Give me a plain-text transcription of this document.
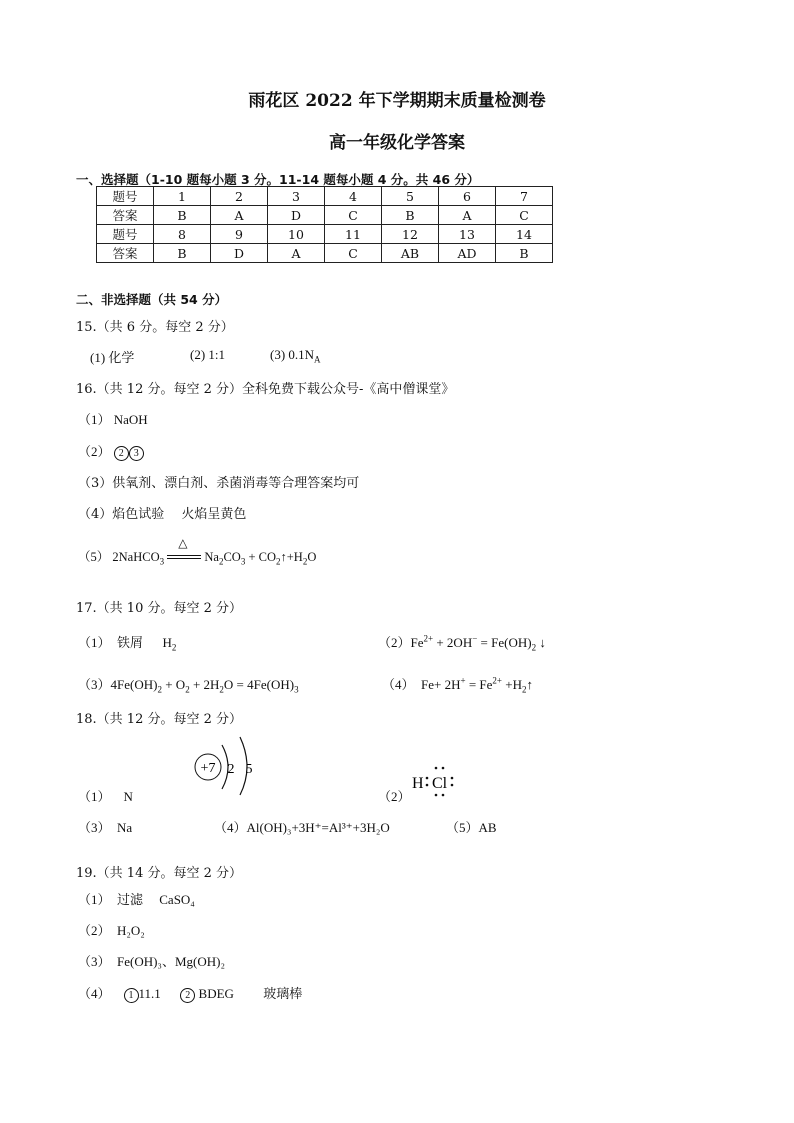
雨花区 2022 年下学期期末质量检测卷
高一年级化学答案
一、选择题（1-10 题每小题 3 分。11-14 题每小题 4 分。共 46 分）
题号	1	2	3	4	5	6	7
答案	B	A	D	C	B	A	C
题号	8	9	10	11	12	13	14
答案	B	D	A	C	AB	AD	B
二、非选择题（共 54 分）
15.（共 6 分。每空 2 分）
(1) 化学	(2) 1:1	(3) $0.1N_A$
16.（共 12 分。每空 2 分）全科免费下载公众号-《高中僧课堂》
（1） NaOH
（2） 2 3
（3）供氧剂、漂白剂、杀菌消毒等合理答案均可
（4）焰色试验　 火焰呈黄色
（5） 2NaHCO$_3$
△
$Na_2CO_3$ + $CO_2↑+H_2O$
17.（共 10 分。每空 2 分）
（1） 铁屑 $H_2$	$(2)Fe^{2+} + 2OH^- = Fe(OH)_2$ ↓
$(3)4Fe(OH)_2 + O_2 + 2H_2O = 4Fe(OH)_3$	（4） $Fe+ 2H^+ = Fe^{2+}$ $+H_2↑$
18.（共 12 分。每空 2 分）
+7 2 5
（1） N	（2）
H Cl
（3）　Na	（4）Al(OH)₃+3H⁺=Al³⁺+3H₂O	（5）AB
19.（共 14 分。每空 2 分）
（1）　过滤　 CaSO₄
（2）　H₂O₂
（3）　Fe(OH)₃、Mg(OH)₂
（4） 1 11.1 2 BDEG 玻璃棒
